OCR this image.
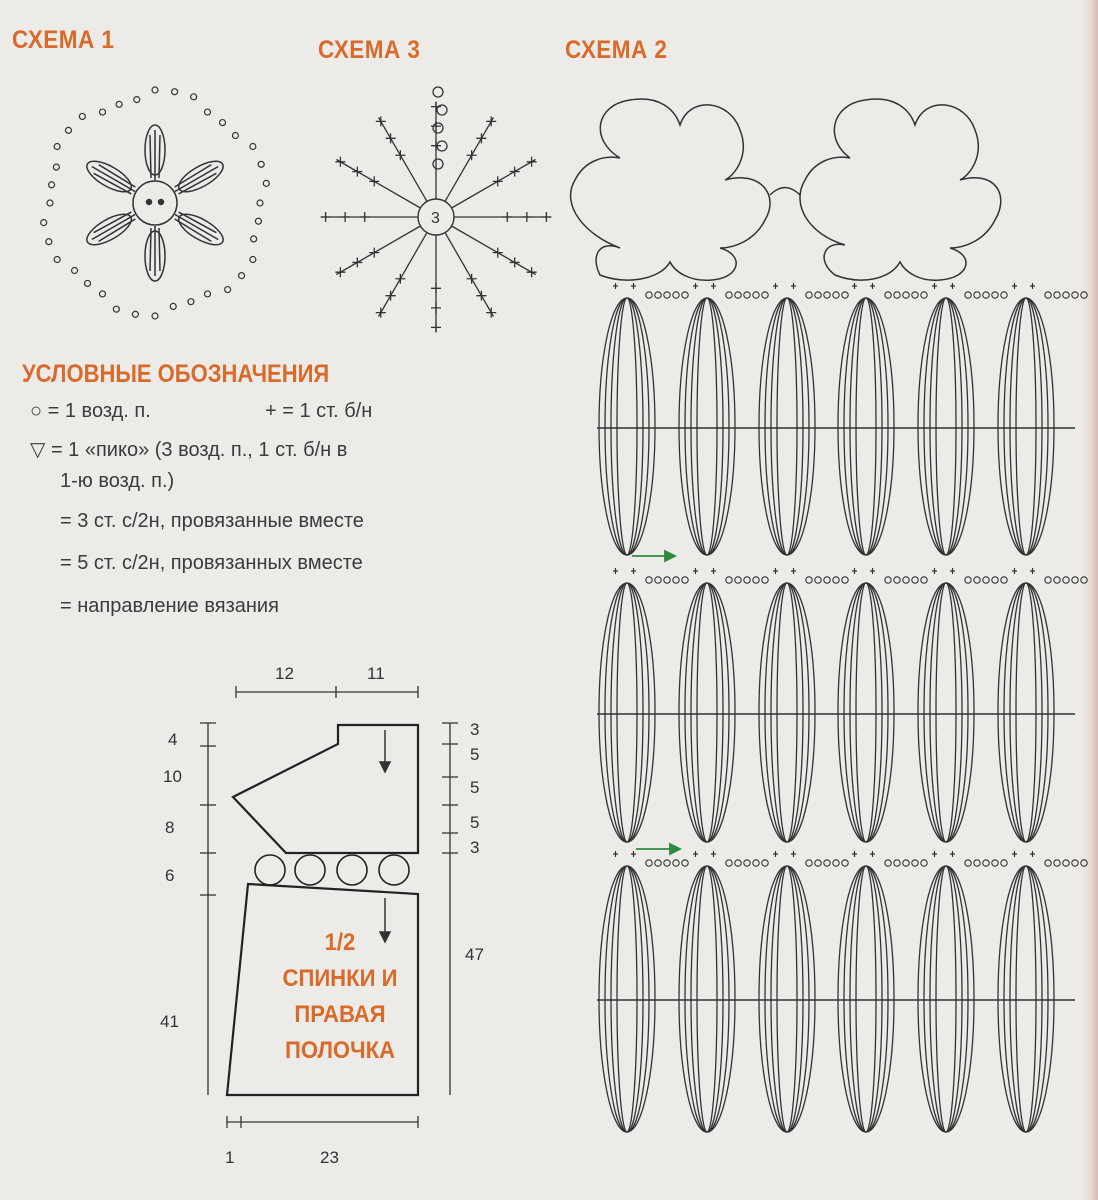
СХЕМА 1	СХЕМА 3	СХЕМА 2
УСЛОВНЫЕ ОБОЗНАЧЕНИЯ
○ = 1 возд. п.	+ = 1 ст. б/н
▽ = 1 «пико» (3 возд. п., 1 ст. б/н в
1-ю возд. п.)
= 3 ст. с/2н, провязанные вместе
= 5 ст. с/2н, провязанных вместе
= направление вязания
12	11
4
10
8
6
41
3
5
5
5
3
47
1	23
1/2
СПИНКИ И
ПРАВАЯ
ПОЛОЧКА
3
